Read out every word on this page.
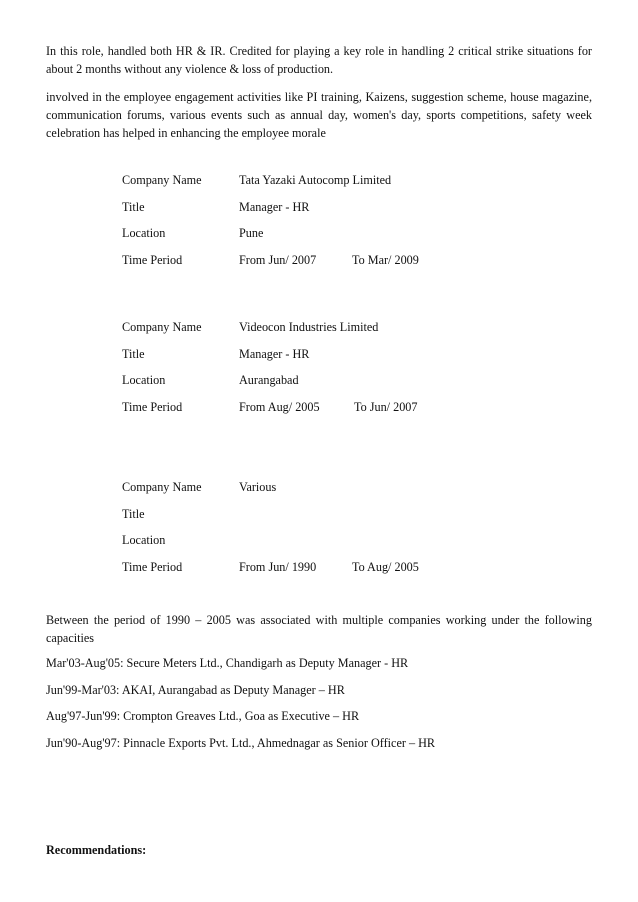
In this role, handled both HR & IR. Credited for playing a key role in handling 2 critical strike situations for about 2 months without any violence & loss of production.

involved in the employee engagement activities like PI training, Kaizens, suggestion scheme, house magazine, communication forums, various events such as annual day, women's day, sports competitions, safety week celebration has helped in enhancing the employee morale

Company Name	Tata Yazaki Autocomp Limited
Title	Manager - HR
Location	Pune
Time Period	From Jun/ 2007	To Mar/ 2009
Company Name	Videocon Industries Limited
Title	Manager - HR
Location	Aurangabad
Time Period	From Aug/ 2005	To Jun/ 2007
Company Name	Various
Title
Location
Time Period	From Jun/ 1990	To Aug/ 2005

Between the period of 1990 – 2005 was associated with multiple companies working under the following capacities

Mar'03-Aug'05: Secure Meters Ltd., Chandigarh as Deputy Manager - HR
Jun'99-Mar'03: AKAI, Aurangabad as Deputy Manager – HR
Aug'97-Jun'99: Crompton Greaves Ltd., Goa as Executive – HR
Jun'90-Aug'97: Pinnacle Exports Pvt. Ltd., Ahmednagar as Senior Officer – HR
Recommendations:
